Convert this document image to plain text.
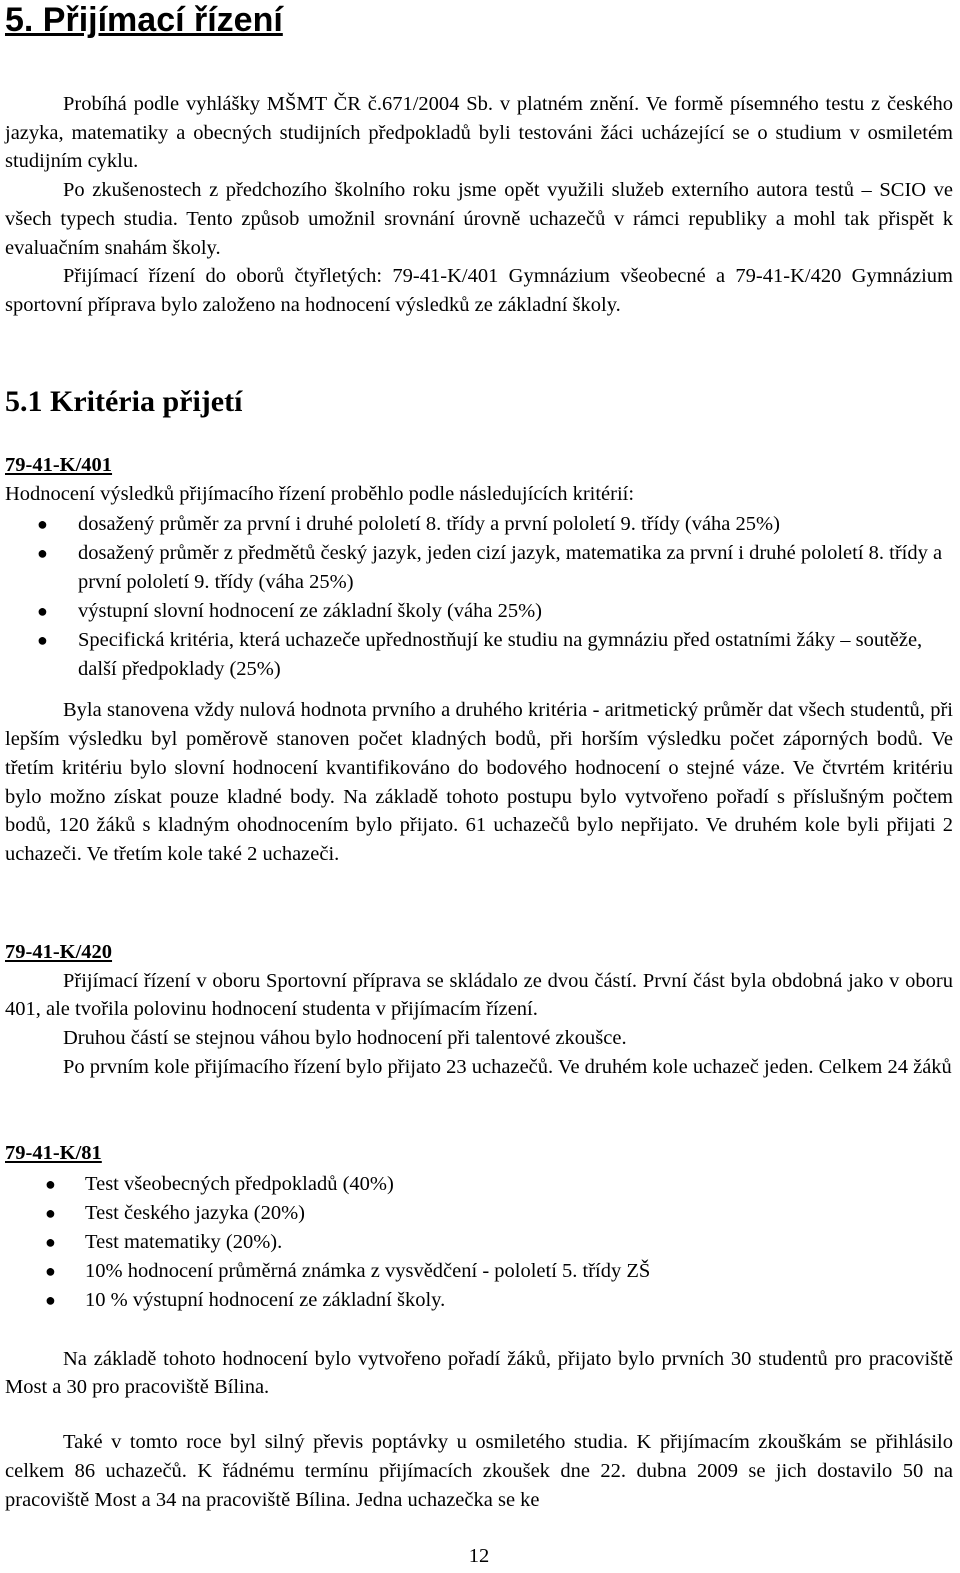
5. Přijímací řízení

Probíhá podle vyhlášky MŠMT ČR č.671/2004 Sb. v platném znění. Ve formě písemného testu z českého jazyka, matematiky a obecných studijních předpokladů byli testováni žáci ucházející se o studium v osmiletém studijním cyklu.

Po zkušenostech z předchozího školního roku jsme opět využili služeb externího autora testů – SCIO ve všech typech studia. Tento způsob umožnil srovnání úrovně uchazečů v rámci republiky a mohl tak přispět k evaluačním snahám školy.

Přijímací řízení do oborů čtyřletých: 79-41-K/401 Gymnázium všeobecné a 79-41-K/420 Gymnázium sportovní příprava bylo založeno na hodnocení výsledků ze základní školy.

5.1 Kritéria přijetí

79-41-K/401

Hodnocení výsledků přijímacího řízení proběhlo podle následujících kritérií:

● dosažený průměr za první i druhé pololetí 8. třídy a první pololetí 9. třídy (váha 25%)
● dosažený průměr z předmětů český jazyk, jeden cizí jazyk, matematika za první i druhé pololetí 8. třídy a první pololetí 9. třídy (váha 25%)
● výstupní slovní hodnocení ze základní školy (váha 25%)
● Specifická kritéria, která uchazeče upřednostňují ke studiu na gymnáziu před ostatními žáky – soutěže, další předpoklady (25%)

Byla stanovena vždy nulová hodnota prvního a druhého kritéria - aritmetický průměr dat všech studentů, při lepším výsledku byl poměrově stanoven počet kladných bodů, při horším výsledku počet záporných bodů. Ve třetím kritériu bylo slovní hodnocení kvantifikováno do bodového hodnocení o stejné váze. Ve čtvrtém kritériu bylo možno získat pouze kladné body. Na základě tohoto postupu bylo vytvořeno pořadí s příslušným počtem bodů, 120 žáků s kladným ohodnocením bylo přijato. 61 uchazečů bylo nepřijato. Ve druhém kole byli přijati 2 uchazeči. Ve třetím kole také 2 uchazeči.

79-41-K/420

Přijímací řízení v oboru Sportovní příprava se skládalo ze dvou částí. První část byla obdobná jako v oboru 401, ale tvořila polovinu hodnocení studenta v přijímacím řízení.

Druhou částí se stejnou váhou bylo hodnocení při talentové zkoušce.

Po prvním kole přijímacího řízení bylo přijato 23 uchazečů. Ve druhém kole uchazeč jeden. Celkem 24 žáků

79-41-K/81

● Test všeobecných předpokladů (40%)
● Test českého jazyka (20%)
● Test matematiky (20%).
● 10% hodnocení průměrná známka z vysvědčení - pololetí 5. třídy ZŠ
● 10 % výstupní hodnocení ze základní školy.

Na základě tohoto hodnocení bylo vytvořeno pořadí žáků, přijato bylo prvních 30 studentů pro pracoviště Most a 30 pro pracoviště Bílina.

Také v tomto roce byl silný převis poptávky u osmiletého studia. K přijímacím zkouškám se přihlásilo celkem 86 uchazečů. K řádnému termínu přijímacích zkoušek dne 22. dubna 2009 se jich dostavilo 50 na pracoviště Most a 34 na pracoviště Bílina. Jedna uchazečka se ke

12
